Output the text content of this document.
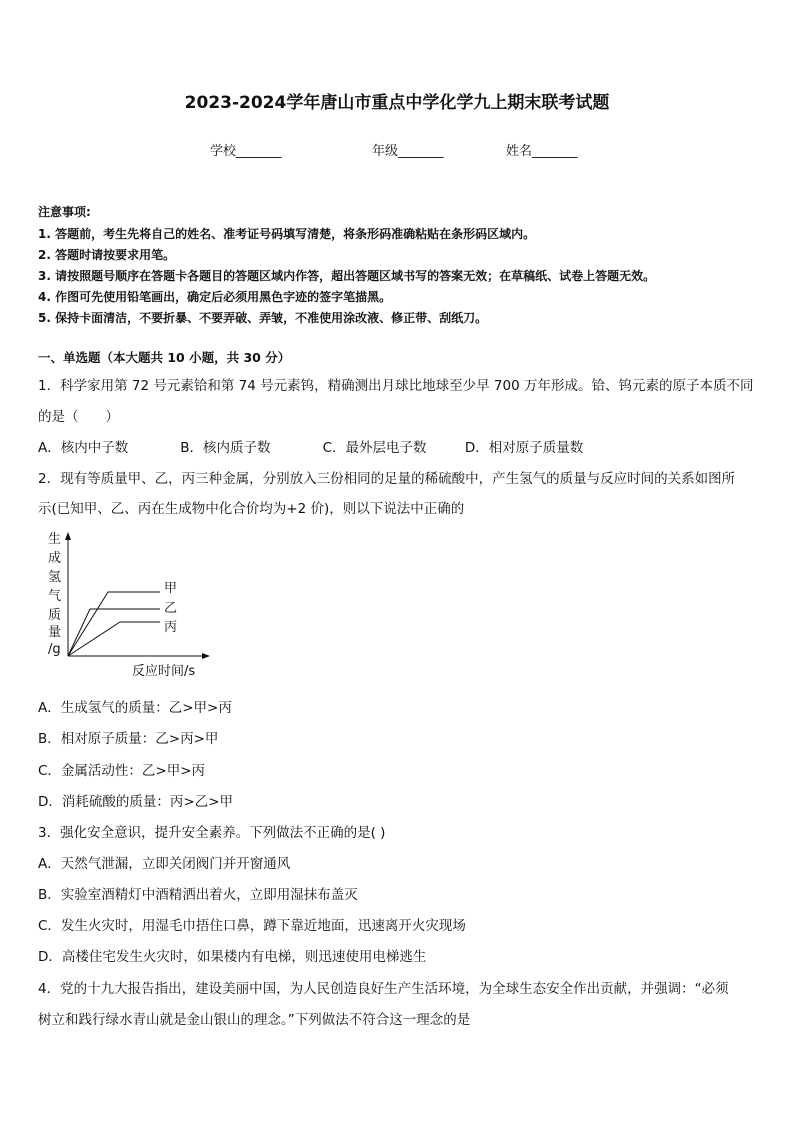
2023-2024学年唐山市重点中学化学九上期末联考试题
学校_______	年级_______	姓名_______
注意事项:
1. 答题前，考生先将自己的姓名、准考证号码填写清楚，将条形码准确粘贴在条形码区域内。
2. 答题时请按要求用笔。
3. 请按照题号顺序在答题卡各题目的答题区域内作答，超出答题区域书写的答案无效；在草稿纸、试卷上答题无效。
4. 作图可先使用铅笔画出，确定后必须用黑色字迹的签字笔描黑。
5. 保持卡面清洁，不要折暴、不要弄破、弄皱，不准使用涂改液、修正带、刮纸刀。
一、单选题（本大题共 10 小题，共 30 分）
1．科学家用第 72 号元素铪和第 74 号元素钨，精确测出月球比地球至少早 700 万年形成。铪、钨元素的原子本质不同
的是（　　）
A．核内中子数	B．核内质子数	C．最外层电子数	D．相对原子质量数
2．现有等质量甲、乙，丙三种金属，分别放入三份相同的足量的稀硫酸中，产生氢气的质量与反应时间的关系如图所
示(已知甲、乙、丙在生成物中化合价均为+2 价)，则以下说法中正确的
生
成
氢
气
质
量
/g
甲
乙
丙
反应时间/s
A．生成氢气的质量：乙>甲>丙
B．相对原子质量：乙>丙>甲
C．金属活动性：乙>甲>丙
D．消耗硫酸的质量：丙>乙>甲
3．强化安全意识，提升安全素养。下列做法不正确的是( )
A．天然气泄漏，立即关闭阀门并开窗通风
B．实验室酒精灯中酒精洒出着火，立即用湿抹布盖灭
C．发生火灾时，用湿毛巾捂住口鼻，蹲下靠近地面，迅速离开火灾现场
D．高楼住宅发生火灾时，如果楼内有电梯，则迅速使用电梯逃生
4．党的十九大报告指出，建设美丽中国，为人民创造良好生产生活环境，为全球生态安全作出贡献，并强调：“必须
树立和践行绿水青山就是金山银山的理念。”下列做法不符合这一理念的是
